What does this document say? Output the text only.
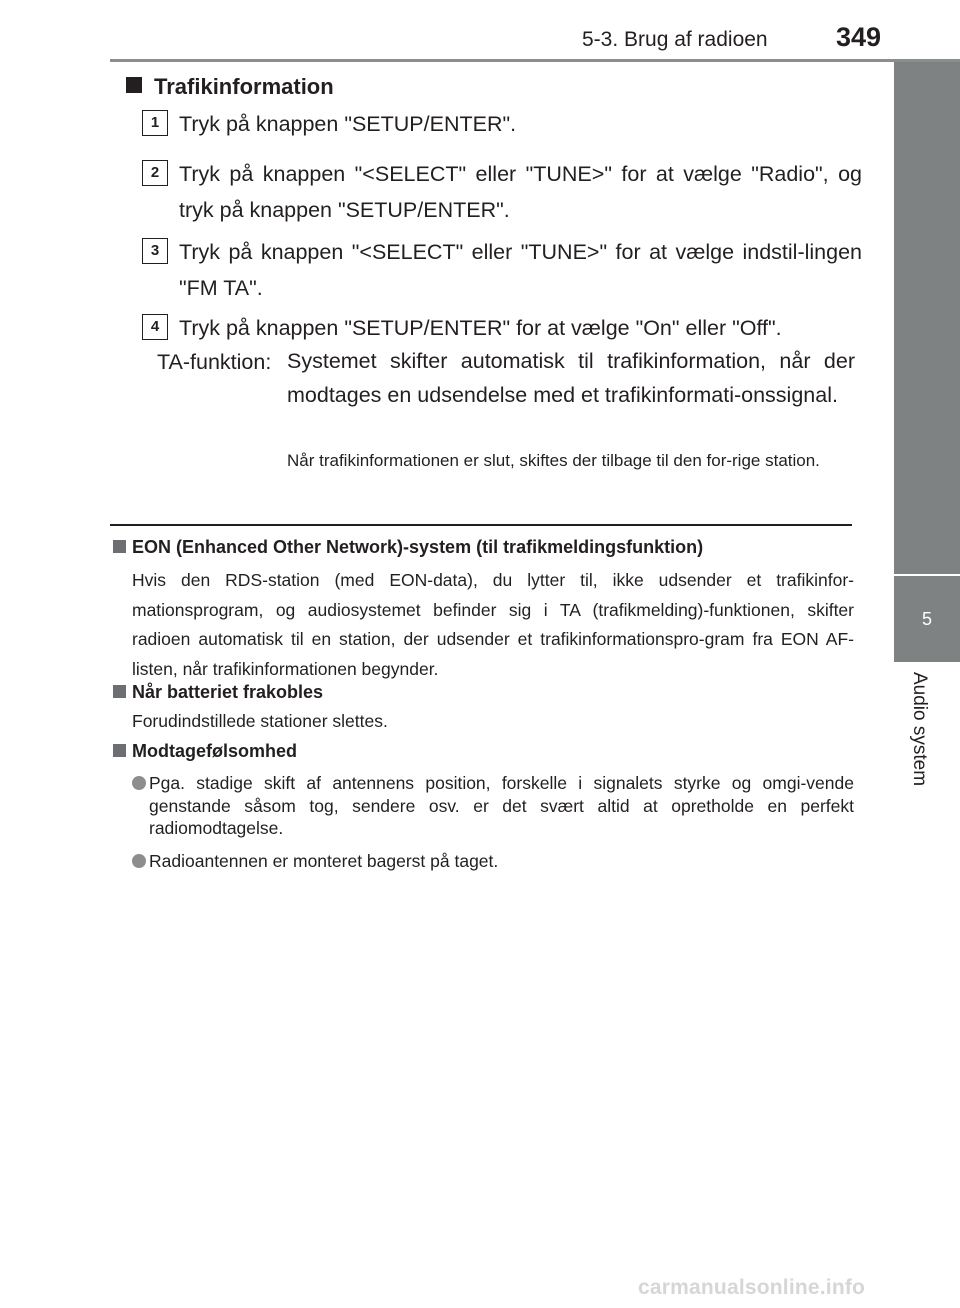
5-3. Brug af radioen	349
5
Audio system
Trafikinformation
1 Tryk på knappen "SETUP/ENTER".
2 Tryk på knappen "<SELECT" eller "TUNE>" for at vælge "Radio", og tryk på knappen "SETUP/ENTER".
3 Tryk på knappen "<SELECT" eller "TUNE>" for at vælge indstil-lingen "FM TA".
4 Tryk på knappen "SETUP/ENTER" for at vælge "On" eller "Off".
TA-funktion: Systemet skifter automatisk til trafikinformation, når der modtages en udsendelse med et trafikinformati-onssignal.
Når trafikinformationen er slut, skiftes der tilbage til den for-rige station.
EON (Enhanced Other Network)-system (til trafikmeldingsfunktion)
Hvis den RDS-station (med EON-data), du lytter til, ikke udsender et trafikinfor-mationsprogram, og audiosystemet befinder sig i TA (trafikmelding)-funktionen, skifter radioen automatisk til en station, der udsender et trafikinformationspro-gram fra EON AF-listen, når trafikinformationen begynder.
Når batteriet frakobles
Forudindstillede stationer slettes.
Modtagefølsomhed
Pga. stadige skift af antennens position, forskelle i signalets styrke og omgi-vende genstande såsom tog, sendere osv. er det svært altid at opretholde en perfekt radiomodtagelse.
Radioantennen er monteret bagerst på taget.
carmanualsonline.info
